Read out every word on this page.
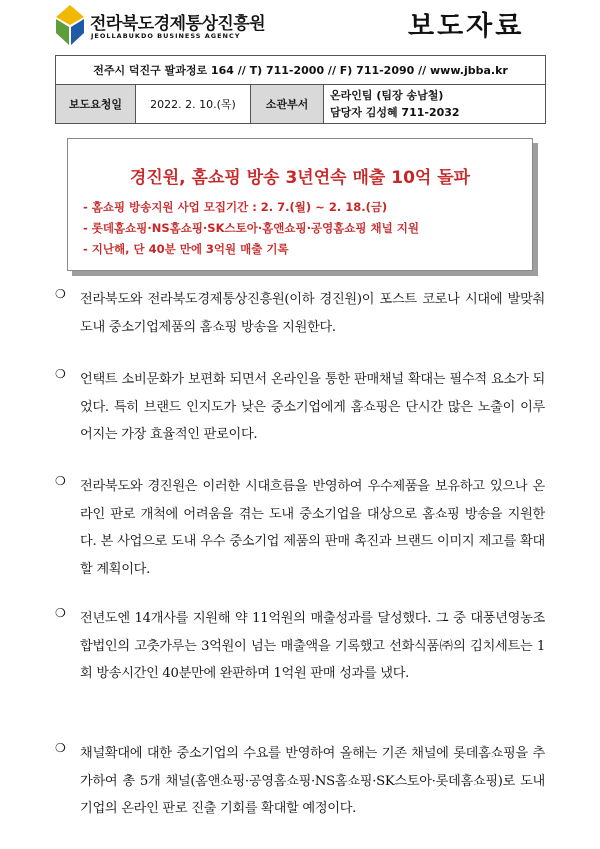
전라북도경제통상진흥원
JEOLLABUKDO BUSINESS AGENCY	보도자료
전주시 덕진구 팔과정로 164 // T) 711-2000 // F) 711-2090 // www.jbba.kr
보도요청일	2022. 2. 10.(목)	소관부서	
온라인팀 (팀장 송남철)
담당자 김성혜 711-2032
경진원, 홈쇼핑 방송 3년연속 매출 10억 돌파
- 홈쇼핑 방송지원 사업 모집기간 : 2. 7.(월) ~ 2. 18.(금)
- 롯데홈쇼핑·NS홈쇼핑·SK스토아·홈앤쇼핑·공영홈쇼핑 채널 지원
- 지난해, 단 40분 만에 3억원 매출 기록
❍ 전라북도와 전라북도경제통상진흥원(이하 경진원)이 포스트 코로나 시대에 발맞춰 도내 중소기업제품의 홈쇼핑 방송을 지원한다.

❍ 언택트 소비문화가 보편화 되면서 온라인을 통한 판매채널 확대는 필수적 요소가 되었다. 특히 브랜드 인지도가 낮은 중소기업에게 홈쇼핑은 단시간 많은 노출이 이루어지는 가장 효율적인 판로이다.

❍ 전라북도와 경진원은 이러한 시대흐름을 반영하여 우수제품을 보유하고 있으나 온라인 판로 개척에 어려움을 겪는 도내 중소기업을 대상으로 홈쇼핑 방송을 지원한다. 본 사업으로 도내 우수 중소기업 제품의 판매 촉진과 브랜드 이미지 제고를 확대할 계획이다.

❍ 전년도엔 14개사를 지원해 약 11억원의 매출성과를 달성했다. 그 중 대풍년영농조합법인의 고춧가루는 3억원이 넘는 매출액을 기록했고 선화식품㈜의 김치세트는 1회 방송시간인 40분만에 완판하며 1억원 판매 성과를 냈다.

❍ 채널확대에 대한 중소기업의 수요를 반영하여 올해는 기존 채널에 롯데홈쇼핑을 추가하여 총 5개 채널(홈앤쇼핑·공영홈쇼핑·NS홈쇼핑·SK스토아·롯데홈쇼핑)로 도내기업의 온라인 판로 진출 기회를 확대할 예정이다.
